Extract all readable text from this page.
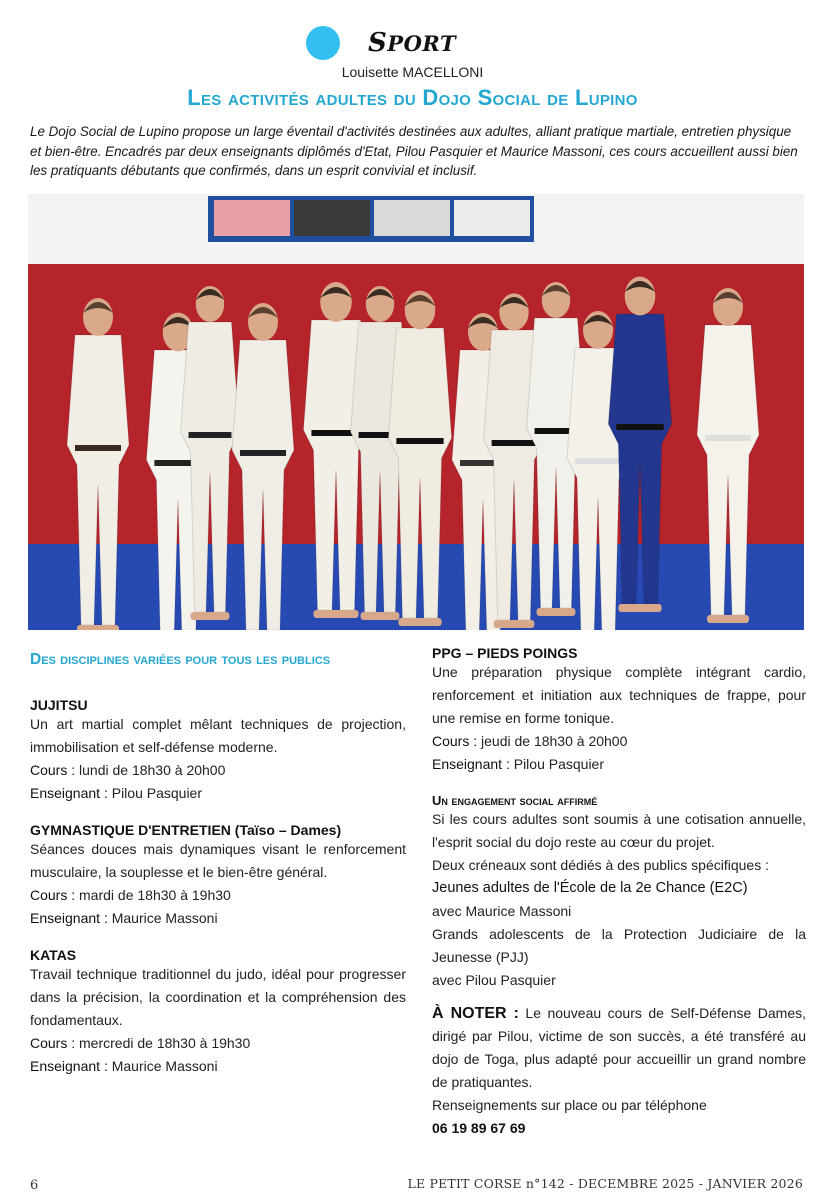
SPORT
Louisette MACELLONI
Les activités adultes du Dojo Social de Lupino

Le Dojo Social de Lupino propose un large éventail d'activités destinées aux adultes, alliant pratique martiale, entretien physique et bien-être. Encadrés par deux enseignants diplômés d'Etat, Pilou Pasquier et Maurice Massoni, ces cours accueillent aussi bien les pratiquants débutants que confirmés, dans un esprit convivial et inclusif.

Des disciplines variées pour tous les publics

JUJITSU

Un art martial complet mêlant techniques de projection, immobilisation et self-défense moderne.

Cours : lundi de 18h30 à 20h00

Enseignant : Pilou Pasquier

GYMNASTIQUE D'ENTRETIEN (Taïso – Dames)

Séances douces mais dynamiques visant le renforcement musculaire, la souplesse et le bien-être général.

Cours : mardi de 18h30 à 19h30

Enseignant : Maurice Massoni

KATAS

Travail technique traditionnel du judo, idéal pour progresser dans la précision, la coordination et la compréhension des fondamentaux.

Cours : mercredi de 18h30 à 19h30

Enseignant : Maurice Massoni

PPG – PIEDS POINGS

Une préparation physique complète intégrant cardio, renforcement et initiation aux techniques de frappe, pour une remise en forme tonique.

Cours : jeudi de 18h30 à 20h00

Enseignant : Pilou Pasquier

Un engagement social affirmé

Si les cours adultes sont soumis à une cotisation annuelle, l'esprit social du dojo reste au cœur du projet.

Deux créneaux sont dédiés à des publics spécifiques :

Jeunes adultes de l'École de la 2e Chance (E2C)

avec Maurice Massoni

Grands adolescents de la Protection Judiciaire de la Jeunesse (PJJ)

avec Pilou Pasquier

À NOTER : Le nouveau cours de Self-Défense Dames, dirigé par Pilou, victime de son succès, a été transféré au dojo de Toga, plus adapté pour accueillir un grand nombre de pratiquantes.

Renseignements sur place ou par téléphone

06 19 89 67 69

6	LE PETIT CORSE n°142 - DECEMBRE 2025 - JANVIER 2026
